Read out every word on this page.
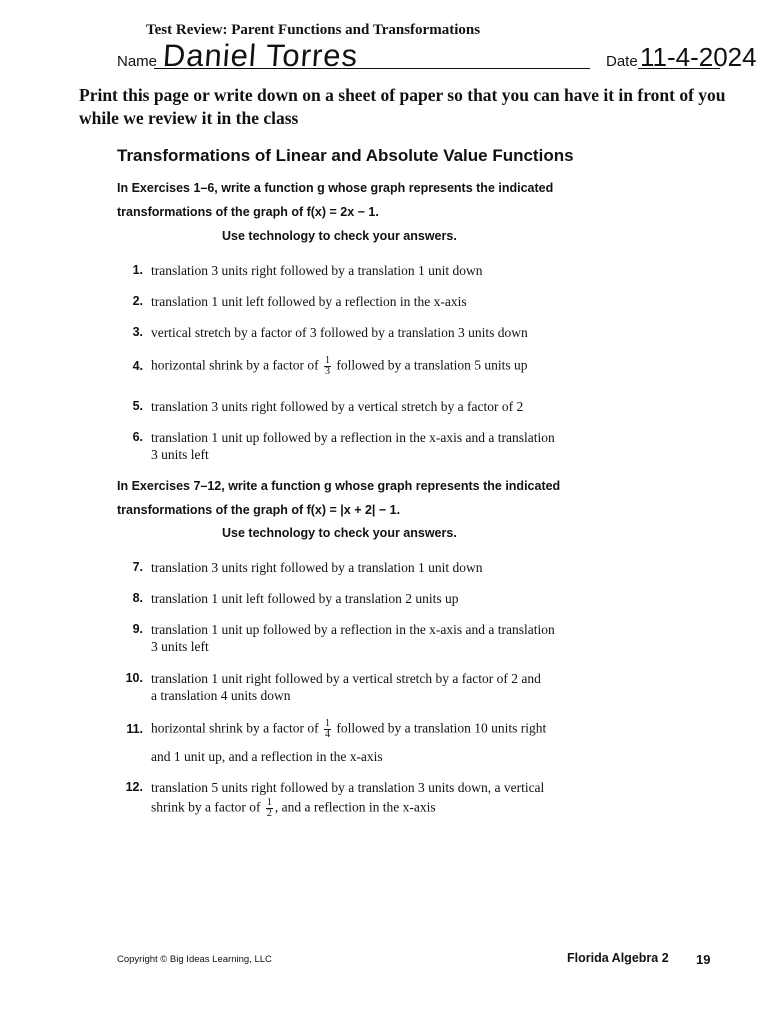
Test Review: Parent Functions and Transformations
Name Daniel Torres	Date 11-4-2024
Print this page or write down on a sheet of paper so that you can have it in front of you while we review it in the class
Transformations of Linear and Absolute Value Functions
In Exercises 1–6, write a function g whose graph represents the indicated
transformations of the graph of f(x) = 2x − 1.
Use technology to check your answers.
1. translation 3 units right followed by a translation 1 unit down
2. translation 1 unit left followed by a reflection in the x-axis
3. vertical stretch by a factor of 3 followed by a translation 3 units down
4. horizontal shrink by a factor of $\frac{1}{3}$ followed by a translation 5 units up
5. translation 3 units right followed by a vertical stretch by a factor of 2
6. translation 1 unit up followed by a reflection in the x-axis and a translation
3 units left
In Exercises 7–12, write a function g whose graph represents the indicated
transformations of the graph of f(x) = |x + 2| − 1.
Use technology to check your answers.
7. translation 3 units right followed by a translation 1 unit down
8. translation 1 unit left followed by a translation 2 units up
9. translation 1 unit up followed by a reflection in the x-axis and a translation
3 units left
10. translation 1 unit right followed by a vertical stretch by a factor of 2 and
a translation 4 units down
11. horizontal shrink by a factor of $\frac{1}{4}$ followed by a translation 10 units right
and 1 unit up, and a reflection in the x-axis
12. translation 5 units right followed by a translation 3 units down, a vertical
shrink by a factor of $\frac{1}{2}$ , and a reflection in the x-axis
Copyright © Big Ideas Learning, LLC	Florida Algebra 2 19
